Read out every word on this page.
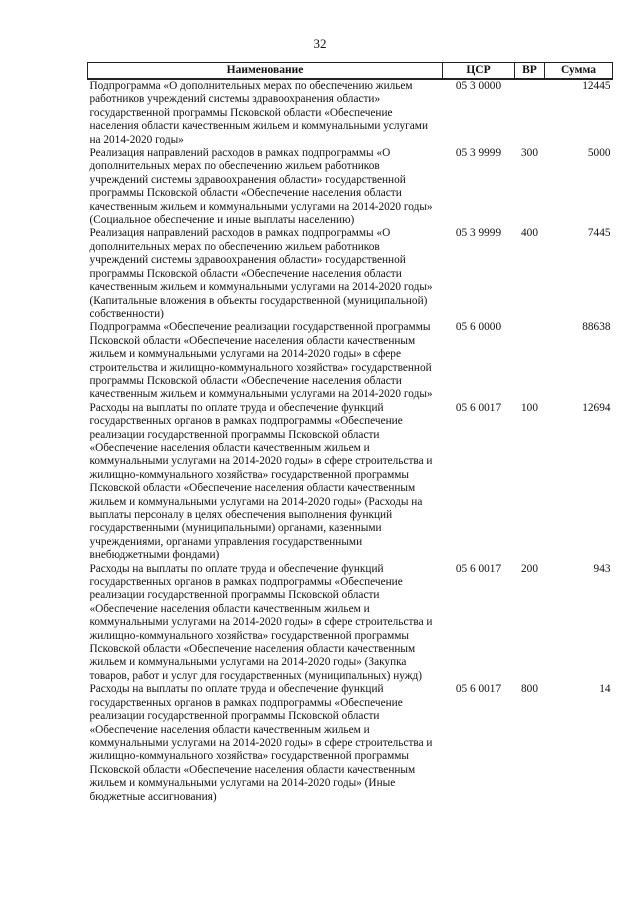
32
Наименование	ЦСР	ВР	Сумма
Подпрограмма «О дополнительных мерах по обеспечению жильем работников учреждений системы здравоохранения области» государственной программы Псковской области «Обеспечение населения области качественным жильем и коммунальными услугами на 2014-2020 годы»	05 3 0000		12445
Реализация направлений расходов в рамках подпрограммы «О дополнительных мерах по обеспечению жильем работников учреждений системы здравоохранения области» государственной программы Псковской области «Обеспечение населения области качественным жильем и коммунальными услугами на 2014-2020 годы» (Социальное обеспечение и иные выплаты населению)	05 3 9999	300	5000
Реализация направлений расходов в рамках подпрограммы «О дополнительных мерах по обеспечению жильем работников учреждений системы здравоохранения области» государственной программы Псковской области «Обеспечение населения области качественным жильем и коммунальными услугами на 2014-2020 годы» (Капитальные вложения в объекты государственной (муниципальной) собственности)	05 3 9999	400	7445
Подпрограмма «Обеспечение реализации государственной программы Псковской области «Обеспечение населения области качественным жильем и коммунальными услугами на 2014-2020 годы» в сфере строительства и жилищно-коммунального хозяйства» государственной программы Псковской области «Обеспечение населения области качественным жильем и коммунальными услугами на 2014-2020 годы»	05 6 0000		88638
Расходы на выплаты по оплате труда и обеспечение функций государственных органов в рамках подпрограммы «Обеспечение реализации государственной программы Псковской области «Обеспечение населения области качественным жильем и коммунальными услугами на 2014-2020 годы» в сфере строительства и жилищно-коммунального хозяйства» государственной программы Псковской области «Обеспечение населения области качественным жильем и коммунальными услугами на 2014-2020 годы» (Расходы на выплаты персоналу в целях обеспечения выполнения функций государственными (муниципальными) органами, казенными учреждениями, органами управления государственными внебюджетными фондами)	05 6 0017	100	12694
Расходы на выплаты по оплате труда и обеспечение функций государственных органов в рамках подпрограммы «Обеспечение реализации государственной программы Псковской области «Обеспечение населения области качественным жильем и коммунальными услугами на 2014-2020 годы» в сфере строительства и жилищно-коммунального хозяйства» государственной программы Псковской области «Обеспечение населения области качественным жильем и коммунальными услугами на 2014-2020 годы» (Закупка товаров, работ и услуг для государственных (муниципальных) нужд)	05 6 0017	200	943
Расходы на выплаты по оплате труда и обеспечение функций государственных органов в рамках подпрограммы «Обеспечение реализации государственной программы Псковской области «Обеспечение населения области качественным жильем и коммунальными услугами на 2014-2020 годы» в сфере строительства и жилищно-коммунального хозяйства» государственной программы Псковской области «Обеспечение населения области качественным жильем и коммунальными услугами на 2014-2020 годы» (Иные бюджетные ассигнования)	05 6 0017	800	14
